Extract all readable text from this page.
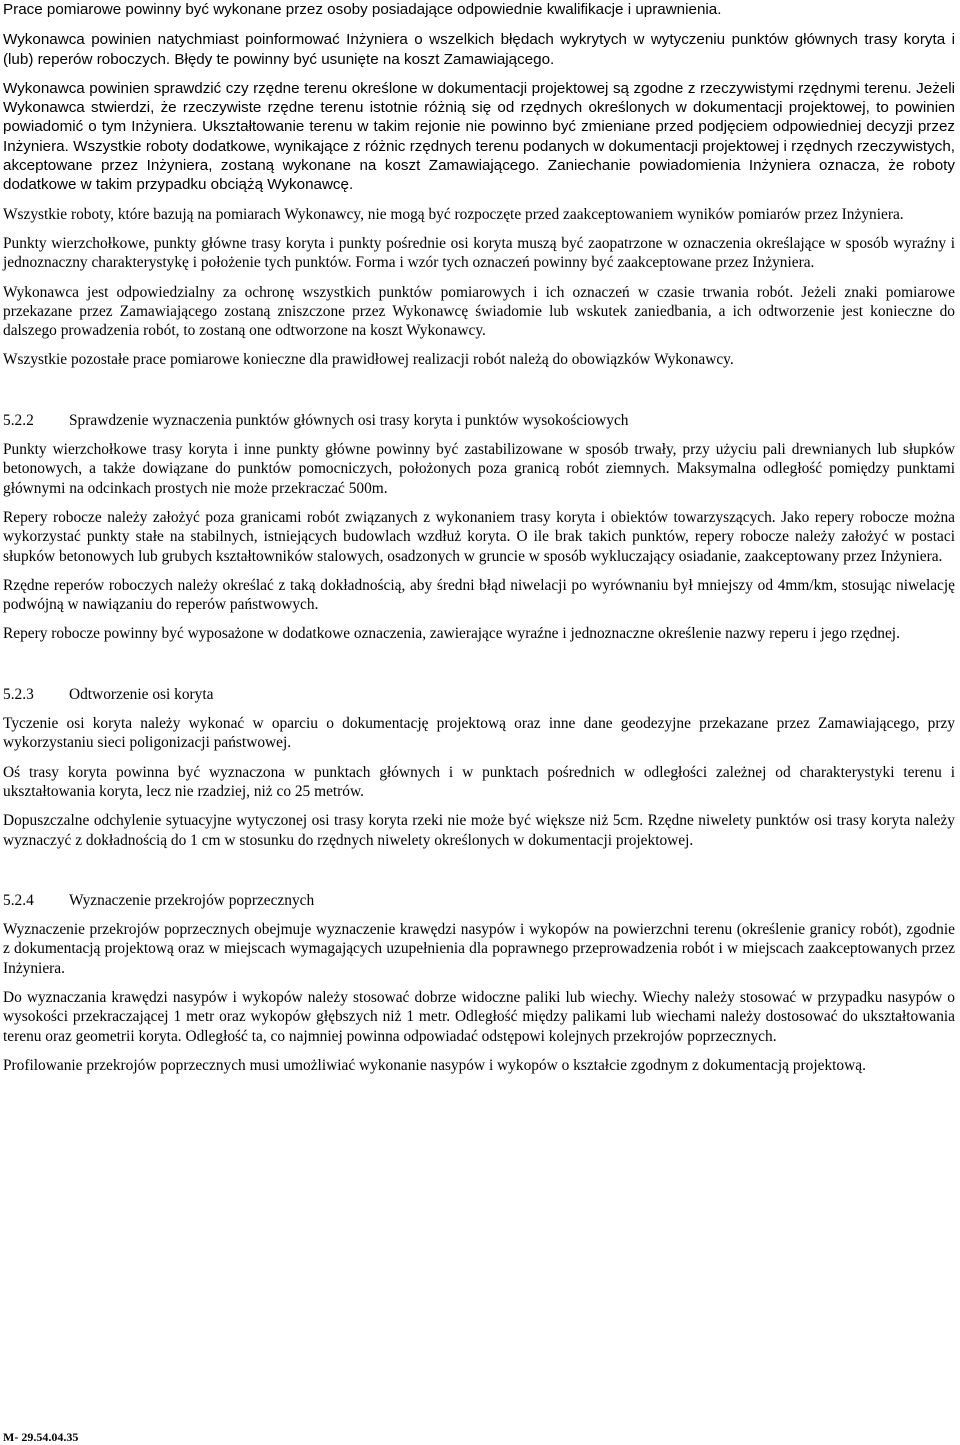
Prace pomiarowe powinny być wykonane przez osoby posiadające odpowiednie kwalifikacje i uprawnienia.

Wykonawca powinien natychmiast poinformować Inżyniera o wszelkich błędach wykrytych w wytyczeniu punktów głównych trasy koryta i (lub) reperów roboczych. Błędy te powinny być usunięte na koszt Zamawiającego.

Wykonawca powinien sprawdzić czy rzędne terenu określone w dokumentacji projektowej są zgodne z rzeczywistymi rzędnymi terenu. Jeżeli Wykonawca stwierdzi, że rzeczywiste rzędne terenu istotnie różnią się od rzędnych określonych w dokumentacji projektowej, to powinien powiadomić o tym Inżyniera. Ukształtowanie terenu w takim rejonie nie powinno być zmieniane przed podjęciem odpowiedniej decyzji przez Inżyniera. Wszystkie roboty dodatkowe, wynikające z różnic rzędnych terenu podanych w dokumentacji projektowej i rzędnych rzeczywistych, akceptowane przez Inżyniera, zostaną wykonane na koszt Zamawiającego. Zaniechanie powiadomienia Inżyniera oznacza, że roboty dodatkowe w takim przypadku obciążą Wykonawcę.

Wszystkie roboty, które bazują na pomiarach Wykonawcy, nie mogą być rozpoczęte przed zaakceptowaniem wyników pomiarów przez Inżyniera.

Punkty wierzchołkowe, punkty główne trasy koryta i punkty pośrednie osi koryta muszą być zaopatrzone w oznaczenia określające w sposób wyraźny i jednoznaczny charakterystykę i położenie tych punktów. Forma i wzór tych oznaczeń powinny być zaakceptowane przez Inżyniera.

Wykonawca jest odpowiedzialny za ochronę wszystkich punktów pomiarowych i ich oznaczeń w czasie trwania robót. Jeżeli znaki pomiarowe przekazane przez Zamawiającego zostaną zniszczone przez Wykonawcę świadomie lub wskutek zaniedbania, a ich odtworzenie jest konieczne do dalszego prowadzenia robót, to zostaną one odtworzone na koszt Wykonawcy.

Wszystkie pozostałe prace pomiarowe konieczne dla prawidłowej realizacji robót należą do obowiązków Wykonawcy.

5.2.2 Sprawdzenie wyznaczenia punktów głównych osi trasy koryta i punktów wysokościowych

Punkty wierzchołkowe trasy koryta i inne punkty główne powinny być zastabilizowane w sposób trwały, przy użyciu pali drewnianych lub słupków betonowych, a także dowiązane do punktów pomocniczych, położonych poza granicą robót ziemnych. Maksymalna odległość pomiędzy punktami głównymi na odcinkach prostych nie może przekraczać 500m.

Repery robocze należy założyć poza granicami robót związanych z wykonaniem trasy koryta i obiektów towarzyszących. Jako repery robocze można wykorzystać punkty stałe na stabilnych, istniejących budowlach wzdłuż koryta. O ile brak takich punktów, repery robocze należy założyć w postaci słupków betonowych lub grubych kształtowników stalowych, osadzonych w gruncie w sposób wykluczający osiadanie, zaakceptowany przez Inżyniera.

Rzędne reperów roboczych należy określać z taką dokładnością, aby średni błąd niwelacji po wyrównaniu był mniejszy od 4mm/km, stosując niwelację podwójną w nawiązaniu do reperów państwowych.

Repery robocze powinny być wyposażone w dodatkowe oznaczenia, zawierające wyraźne i jednoznaczne określenie nazwy reperu i jego rzędnej.

5.2.3 Odtworzenie osi koryta

Tyczenie osi koryta należy wykonać w oparciu o dokumentację projektową oraz inne dane geodezyjne przekazane przez Zamawiającego, przy wykorzystaniu sieci poligonizacji państwowej.

Oś trasy koryta powinna być wyznaczona w punktach głównych i w punktach pośrednich w odległości zależnej od charakterystyki terenu i ukształtowania koryta, lecz nie rzadziej, niż co 25 metrów.

Dopuszczalne odchylenie sytuacyjne wytyczonej osi trasy koryta rzeki nie może być większe niż 5cm. Rzędne niwelety punktów osi trasy koryta należy wyznaczyć z dokładnością do 1 cm w stosunku do rzędnych niwelety określonych w dokumentacji projektowej.

5.2.4 Wyznaczenie przekrojów poprzecznych

Wyznaczenie przekrojów poprzecznych obejmuje wyznaczenie krawędzi nasypów i wykopów na powierzchni terenu (określenie granicy robót), zgodnie z dokumentacją projektową oraz w miejscach wymagających uzupełnienia dla poprawnego przeprowadzenia robót i w miejscach zaakceptowanych przez Inżyniera.

Do wyznaczania krawędzi nasypów i wykopów należy stosować dobrze widoczne paliki lub wiechy. Wiechy należy stosować w przypadku nasypów o wysokości przekraczającej 1 metr oraz wykopów głębszych niż 1 metr. Odległość między palikami lub wiechami należy dostosować do ukształtowania terenu oraz geometrii koryta. Odległość ta, co najmniej powinna odpowiadać odstępowi kolejnych przekrojów poprzecznych.

Profilowanie przekrojów poprzecznych musi umożliwiać wykonanie nasypów i wykopów o kształcie zgodnym z dokumentacją projektową.

M- 29.54.04.35
